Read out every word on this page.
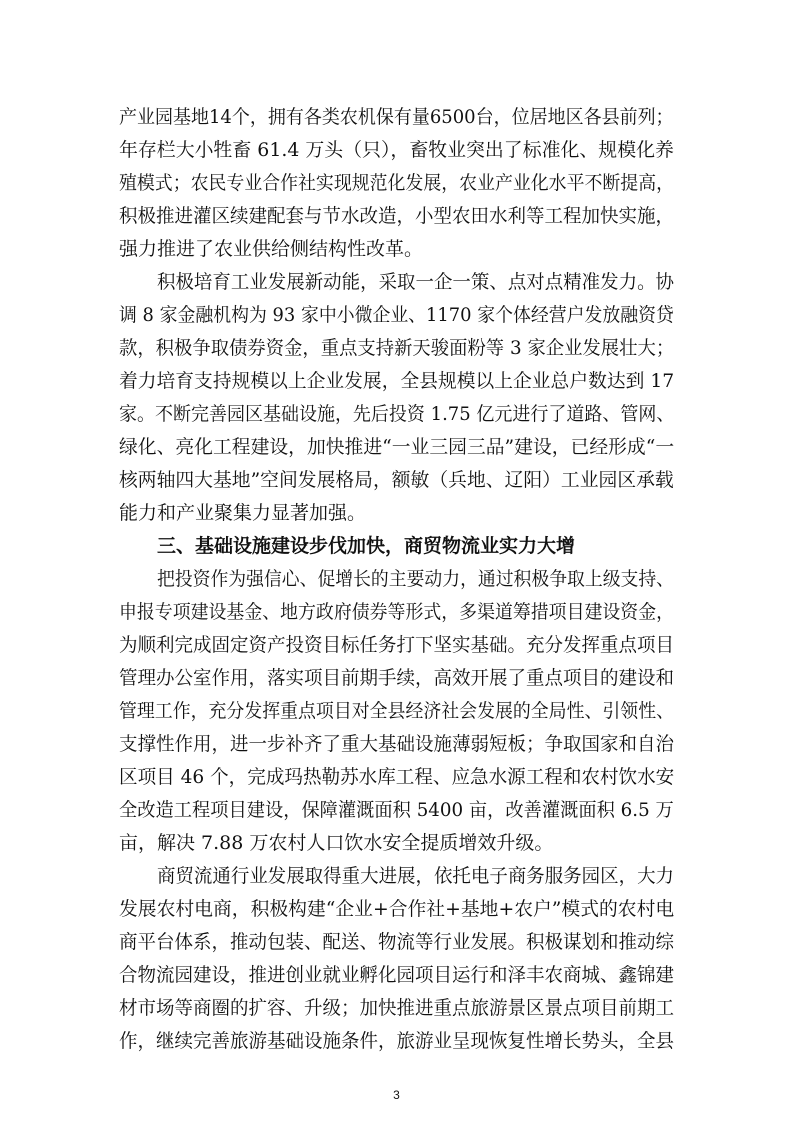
产业园基地14个，拥有各类农机保有量6500台，位居地区各县前列；

年存栏大小牲畜 61.4 万头（只），畜牧业突出了标准化、规模化养

殖模式；农民专业合作社实现规范化发展，农业产业化水平不断提高，

积极推进灌区续建配套与节水改造，小型农田水利等工程加快实施，

强力推进了农业供给侧结构性改革。

积极培育工业发展新动能，采取一企一策、点对点精准发力。协

调 8 家金融机构为 93 家中小微企业、1170 家个体经营户发放融资贷

款，积极争取债券资金，重点支持新天骏面粉等 3 家企业发展壮大；

着力培育支持规模以上企业发展，全县规模以上企业总户数达到 17

家。不断完善园区基础设施，先后投资 1.75 亿元进行了道路、管网、

绿化、亮化工程建设，加快推进“一业三园三品”建设，已经形成“一

核两轴四大基地”空间发展格局，额敏（兵地、辽阳）工业园区承载

能力和产业聚集力显著加强。

三、基础设施建设步伐加快，商贸物流业实力大增

把投资作为强信心、促增长的主要动力，通过积极争取上级支持、

申报专项建设基金、地方政府债券等形式，多渠道筹措项目建设资金，

为顺利完成固定资产投资目标任务打下坚实基础。充分发挥重点项目

管理办公室作用，落实项目前期手续，高效开展了重点项目的建设和

管理工作，充分发挥重点项目对全县经济社会发展的全局性、引领性、

支撑性作用，进一步补齐了重大基础设施薄弱短板；争取国家和自治

区项目 46 个，完成玛热勒苏水库工程、应急水源工程和农村饮水安

全改造工程项目建设，保障灌溉面积 5400 亩，改善灌溉面积 6.5 万

亩，解决 7.88 万农村人口饮水安全提质增效升级。

商贸流通行业发展取得重大进展，依托电子商务服务园区，大力

发展农村电商，积极构建“企业+合作社+基地+农户”模式的农村电

商平台体系，推动包装、配送、物流等行业发展。积极谋划和推动综

合物流园建设，推进创业就业孵化园项目运行和泽丰农商城、鑫锦建

材市场等商圈的扩容、升级；加快推进重点旅游景区景点项目前期工

作，继续完善旅游基础设施条件，旅游业呈现恢复性增长势头，全县

3
